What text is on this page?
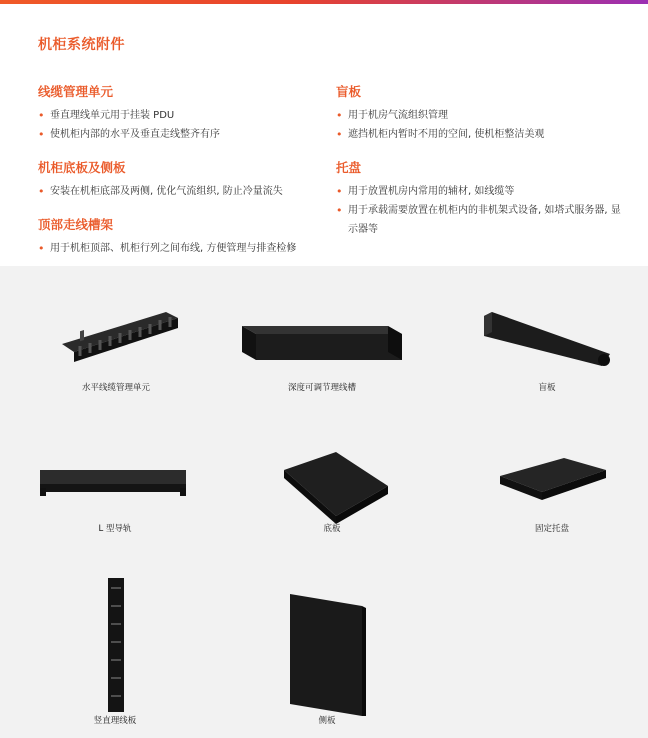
机柜系统附件
线缆管理单元
• 垂直理线单元用于挂装 PDU
• 使机柜内部的水平及垂直走线整齐有序
机柜底板及侧板
• 安装在机柜底部及两侧, 优化气流组织, 防止冷量流失
顶部走线槽架
• 用于机柜顶部、机柜行列之间布线, 方便管理与排查检修
盲板
• 用于机房气流组织管理
• 遮挡机柜内暂时不用的空间, 使机柜整洁美观
托盘
• 用于放置机房内常用的辅材, 如线缆等
• 用于承载需要放置在机柜内的非机架式设备, 如塔式服务器, 显示器等
水平线缆管理单元	深度可调节理线槽	盲板
L 型导轨	底板	固定托盘
竖直理线板	侧板
